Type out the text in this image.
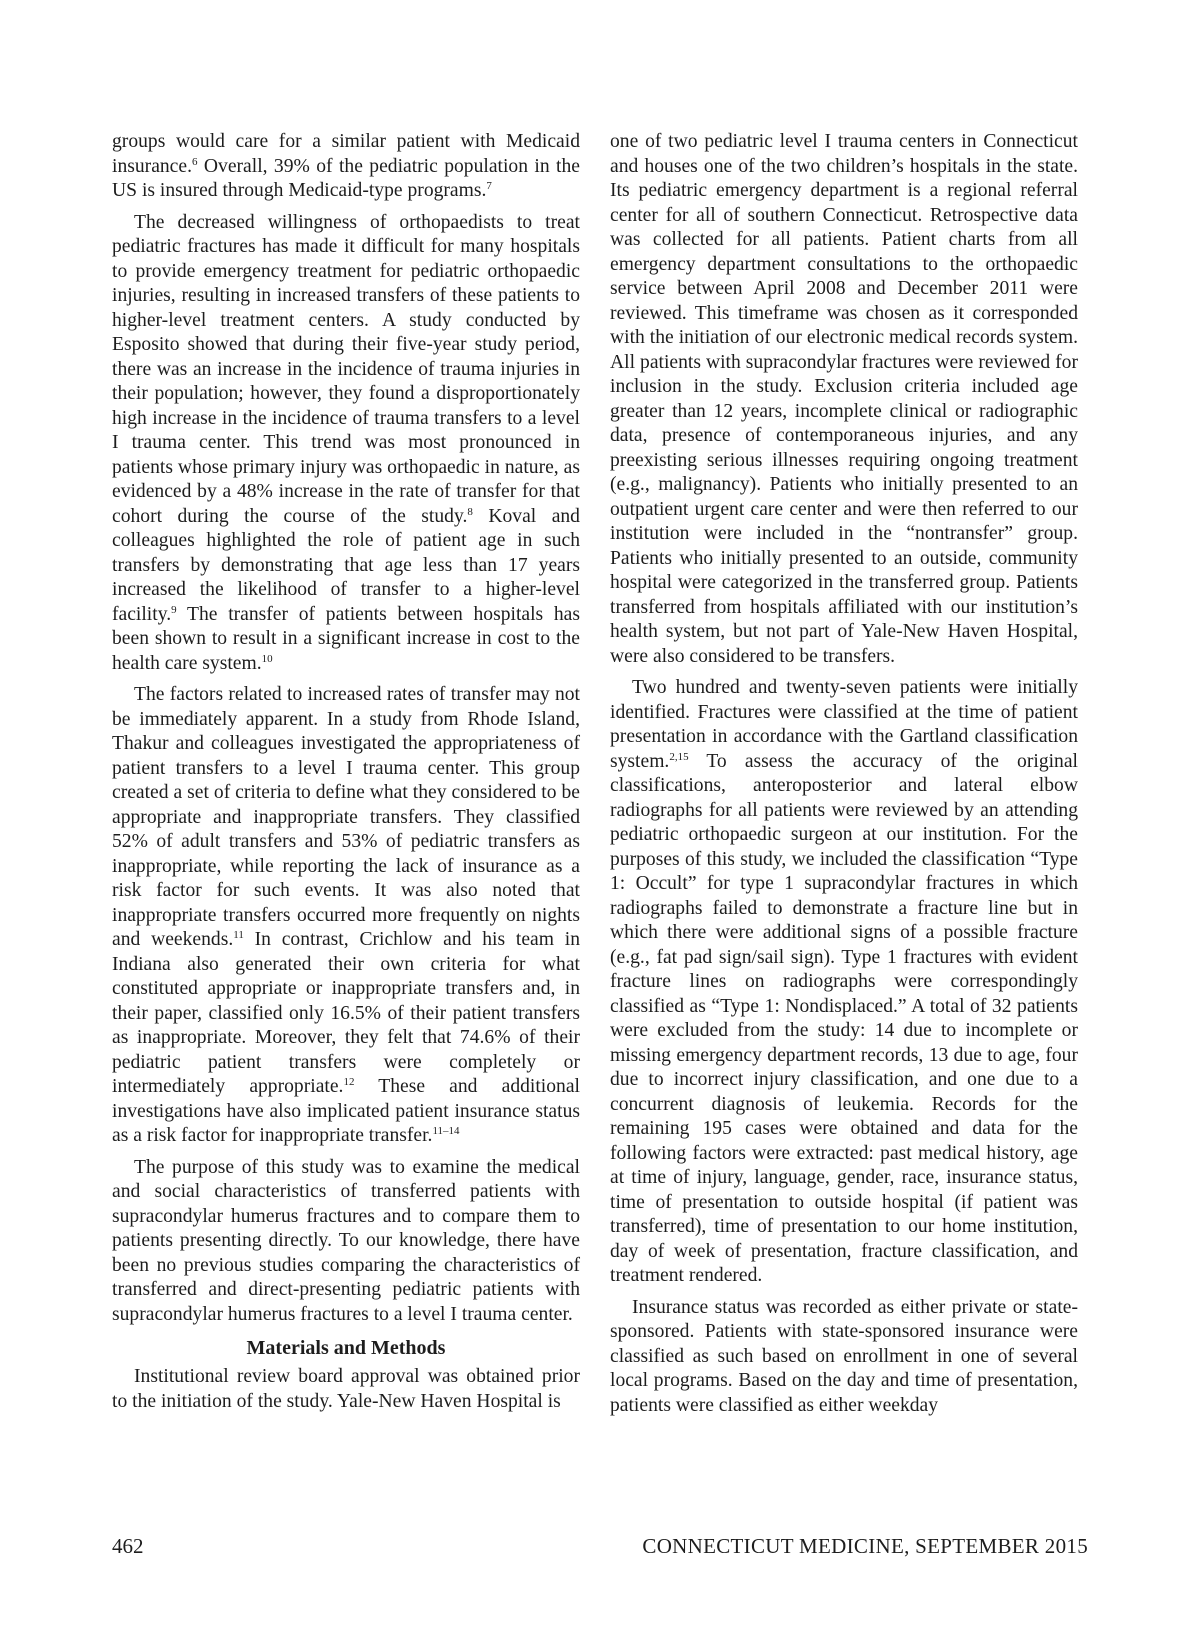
groups would care for a similar patient with Medicaid insurance.$^6$ Overall, 39% of the pediatric population in the US is insured through Medicaid-type programs.$^7$

The decreased willingness of orthopaedists to treat pediatric fractures has made it difficult for many hospitals to provide emergency treatment for pediatric orthopaedic injuries, resulting in increased transfers of these patients to higher-level treatment centers. A study conducted by Esposito showed that during their five-year study period, there was an increase in the incidence of trauma injuries in their population; however, they found a disproportionately high increase in the incidence of trauma transfers to a level I trauma center. This trend was most pronounced in patients whose primary injury was orthopaedic in nature, as evidenced by a 48% increase in the rate of transfer for that cohort during the course of the study.$^8$ Koval and colleagues highlighted the role of patient age in such transfers by demonstrating that age less than 17 years increased the likelihood of transfer to a higher-level facility.$^9$ The transfer of patients between hospitals has been shown to result in a significant increase in cost to the health care system.$^{10}$

The factors related to increased rates of transfer may not be immediately apparent. In a study from Rhode Island, Thakur and colleagues investigated the appropriateness of patient transfers to a level I trauma center. This group created a set of criteria to define what they considered to be appropriate and inappropriate transfers. They classified 52% of adult transfers and 53% of pediatric transfers as inappropriate, while reporting the lack of insurance as a risk factor for such events. It was also noted that inappropriate transfers occurred more frequently on nights and weekends.$^{11}$ In contrast, Crichlow and his team in Indiana also generated their own criteria for what constituted appropriate or inappropriate transfers and, in their paper, classified only 16.5% of their patient transfers as inappropriate. Moreover, they felt that 74.6% of their pediatric patient transfers were completely or intermediately appropriate.$^{12}$ These and additional investigations have also implicated patient insurance status as a risk factor for inappropriate transfer.$^{11-14}$

The purpose of this study was to examine the medical and social characteristics of transferred patients with supracondylar humerus fractures and to compare them to patients presenting directly. To our knowledge, there have been no previous studies comparing the characteristics of transferred and direct-presenting pediatric patients with supracondylar humerus fractures to a level I trauma center.

Materials and Methods

Institutional review board approval was obtained prior to the initiation of the study. Yale-New Haven Hospital is

one of two pediatric level I trauma centers in Connecticut and houses one of the two children’s hospitals in the state. Its pediatric emergency department is a regional referral center for all of southern Connecticut. Retrospective data was collected for all patients. Patient charts from all emergency department consultations to the orthopaedic service between April 2008 and December 2011 were reviewed. This timeframe was chosen as it corresponded with the initiation of our electronic medical records system. All patients with supracondylar fractures were reviewed for inclusion in the study. Exclusion criteria included age greater than 12 years, incomplete clinical or radiographic data, presence of contemporaneous injuries, and any preexisting serious illnesses requiring ongoing treatment (e.g., malignancy). Patients who initially presented to an outpatient urgent care center and were then referred to our institution were included in the “nontransfer” group. Patients who initially presented to an outside, community hospital were categorized in the transferred group. Patients transferred from hospitals affiliated with our institution’s health system, but not part of Yale-New Haven Hospital, were also considered to be transfers.

Two hundred and twenty-seven patients were initially identified. Fractures were classified at the time of patient presentation in accordance with the Gartland classification system.$^{2,15}$ To assess the accuracy of the original classifications, anteroposterior and lateral elbow radiographs for all patients were reviewed by an attending pediatric orthopaedic surgeon at our institution. For the purposes of this study, we included the classification “Type 1: Occult” for type 1 supracondylar fractures in which radiographs failed to demonstrate a fracture line but in which there were additional signs of a possible fracture (e.g., fat pad sign/sail sign). Type 1 fractures with evident fracture lines on radiographs were correspondingly classified as “Type 1: Nondisplaced.” A total of 32 patients were excluded from the study: 14 due to incomplete or missing emergency department records, 13 due to age, four due to incorrect injury classification, and one due to a concurrent diagnosis of leukemia. Records for the remaining 195 cases were obtained and data for the following factors were extracted: past medical history, age at time of injury, language, gender, race, insurance status, time of presentation to outside hospital (if patient was transferred), time of presentation to our home institution, day of week of presentation, fracture classification, and treatment rendered.

Insurance status was recorded as either private or state-sponsored. Patients with state-sponsored insurance were classified as such based on enrollment in one of several local programs. Based on the day and time of presentation, patients were classified as either weekday

462	CONNECTICUT MEDICINE, SEPTEMBER 2015
